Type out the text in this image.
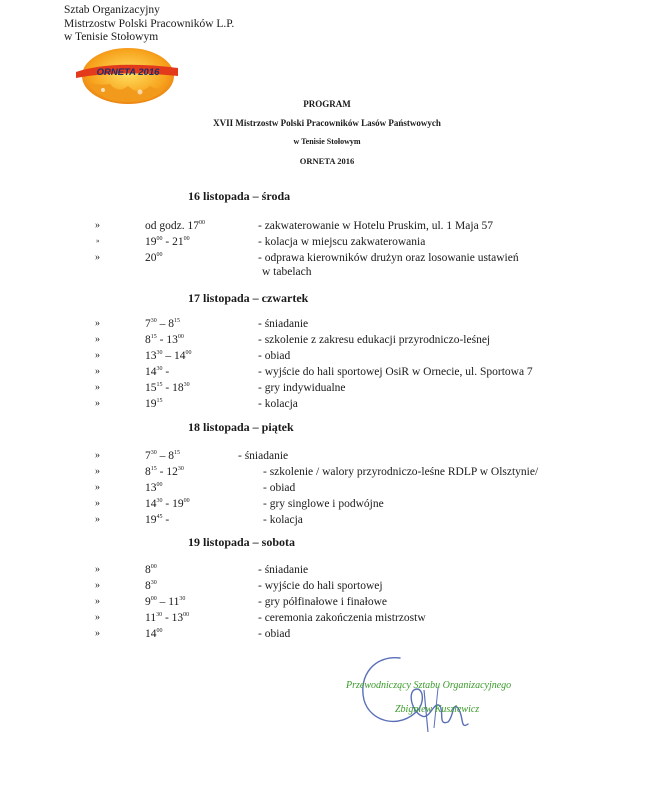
Sztab Organizacyjny
Mistrzostw Polski Pracowników L.P.
w Tenisie Stołowym
ORNETA 2016
PROGRAM
XVII Mistrzostw Polski Pracowników Lasów Państwowych
w Tenisie Stołowym
ORNETA 2016
16 listopada – środa
»	od godz. $17^{00}$	- zakwaterowanie w Hotelu Pruskim, ul. 1 Maja 57
»	$19^{00} - 21^{00}$	- kolacja w miejscu zakwaterowania
»	$20^{00}$	- odprawa kierowników drużyn oraz losowanie ustawień
w tabelach
17 listopada – czwartek
»	$7^{30} - 8^{15}$	- śniadanie
»	$8^{15} - 13^{00}$	- szkolenie z zakresu edukacji przyrodniczo-leśnej
»	$13^{30} - 14^{00}$	- obiad
»	$14^{30}$ -	- wyjście do hali sportowej OsiR w Ornecie, ul. Sportowa 7
»	$15^{15} - 18^{30}$	- gry indywidualne
»	$19^{15}$	- kolacja
18 listopada – piątek
»	$7^{30} - 8^{15}$	- śniadanie
»	$8^{15} - 12^{30}$	- szkolenie / walory przyrodniczo-leśne RDLP w Olsztynie/
»	$13^{00}$	- obiad
»	$14^{30} - 19^{00}$	- gry singlowe i podwójne
»	$19^{45}$ -	- kolacja
19 listopada – sobota
»	$8^{00}$	- śniadanie
»	$8^{30}$	- wyjście do hali sportowej
»	$9^{00} - 11^{30}$	- gry półfinałowe i finałowe
»	$11^{30} - 13^{00}$	- ceremonia zakończenia mistrzostw
»	$14^{00}$	- obiad
Przewodniczący Sztabu Organizacyjnego
Zbigniew Kuszlewicz
